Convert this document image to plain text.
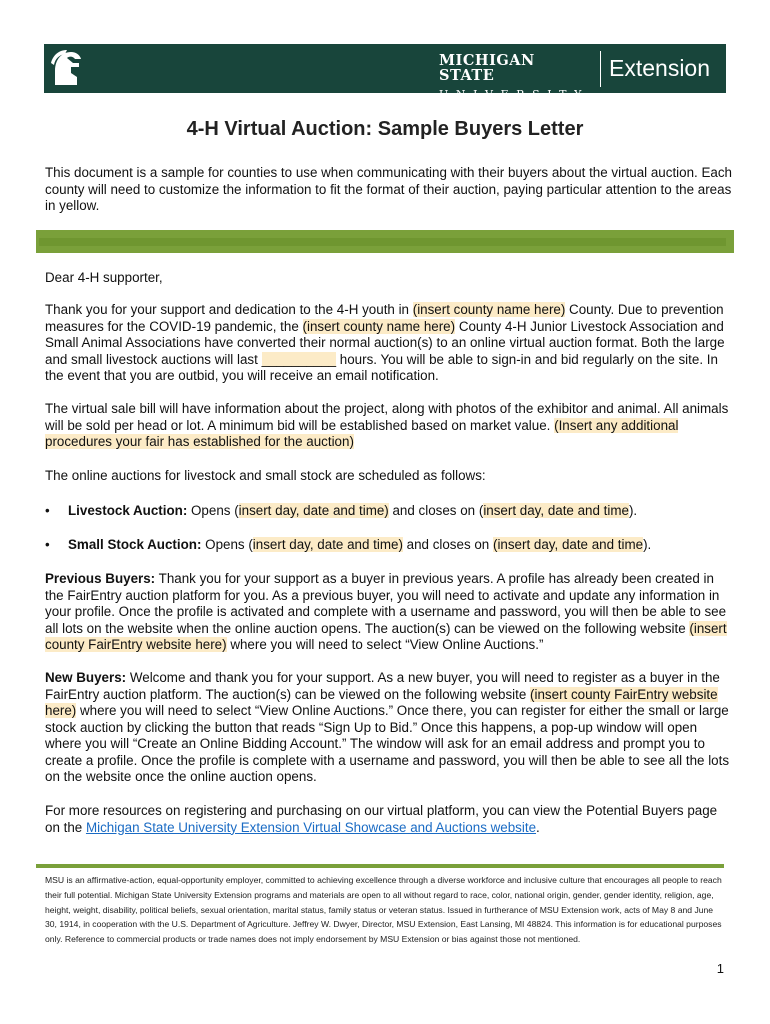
MICHIGAN STATE
UNIVERSITY
Extension
4-H Virtual Auction: Sample Buyers Letter

This document is a sample for counties to use when communicating with their buyers about the virtual auction. Each county will need to customize the information to fit the format of their auction, paying particular attention to the areas in yellow.

Dear 4-H supporter,

Thank you for your support and dedication to the 4-H youth in (insert county name here) County. Due to prevention measures for the COVID-19 pandemic, the (insert county name here) County 4-H Junior Livestock Association and Small Animal Associations have converted their normal auction(s) to an online virtual auction format. Both the large and small livestock auctions will last __________ hours. You will be able to sign-in and bid regularly on the site. In the event that you are outbid, you will receive an email notification.

The virtual sale bill will have information about the project, along with photos of the exhibitor and animal. All animals will be sold per head or lot. A minimum bid will be established based on market value. (Insert any additional procedures your fair has established for the auction)

The online auctions for livestock and small stock are scheduled as follows:

• Livestock Auction: Opens (insert day, date and time) and closes on (insert day, date and time).
• Small Stock Auction: Opens (insert day, date and time) and closes on (insert day, date and time).

Previous Buyers: Thank you for your support as a buyer in previous years. A profile has already been created in the FairEntry auction platform for you. As a previous buyer, you will need to activate and update any information in your profile. Once the profile is activated and complete with a username and password, you will then be able to see all lots on the website when the online auction opens. The auction(s) can be viewed on the following website (insert county FairEntry website here) where you will need to select “View Online Auctions.”

New Buyers: Welcome and thank you for your support. As a new buyer, you will need to register as a buyer in the FairEntry auction platform. The auction(s) can be viewed on the following website (insert county FairEntry website here) where you will need to select “View Online Auctions.” Once there, you can register for either the small or large stock auction by clicking the button that reads “Sign Up to Bid.” Once this happens, a pop-up window will open where you will “Create an Online Bidding Account.” The window will ask for an email address and prompt you to create a profile. Once the profile is complete with a username and password, you will then be able to see all the lots on the website once the online auction opens.

For more resources on registering and purchasing on our virtual platform, you can view the Potential Buyers page on the Michigan State University Extension Virtual Showcase and Auctions website.

MSU is an affirmative-action, equal-opportunity employer, committed to achieving excellence through a diverse workforce and inclusive culture that encourages all people to reach their full potential. Michigan State University Extension programs and materials are open to all without regard to race, color, national origin, gender, gender identity, religion, age, height, weight, disability, political beliefs, sexual orientation, marital status, family status or veteran status. Issued in furtherance of MSU Extension work, acts of May 8 and June 30, 1914, in cooperation with the U.S. Department of Agriculture. Jeffrey W. Dwyer, Director, MSU Extension, East Lansing, MI 48824. This information is for educational purposes only. Reference to commercial products or trade names does not imply endorsement by MSU Extension or bias against those not mentioned.

1
